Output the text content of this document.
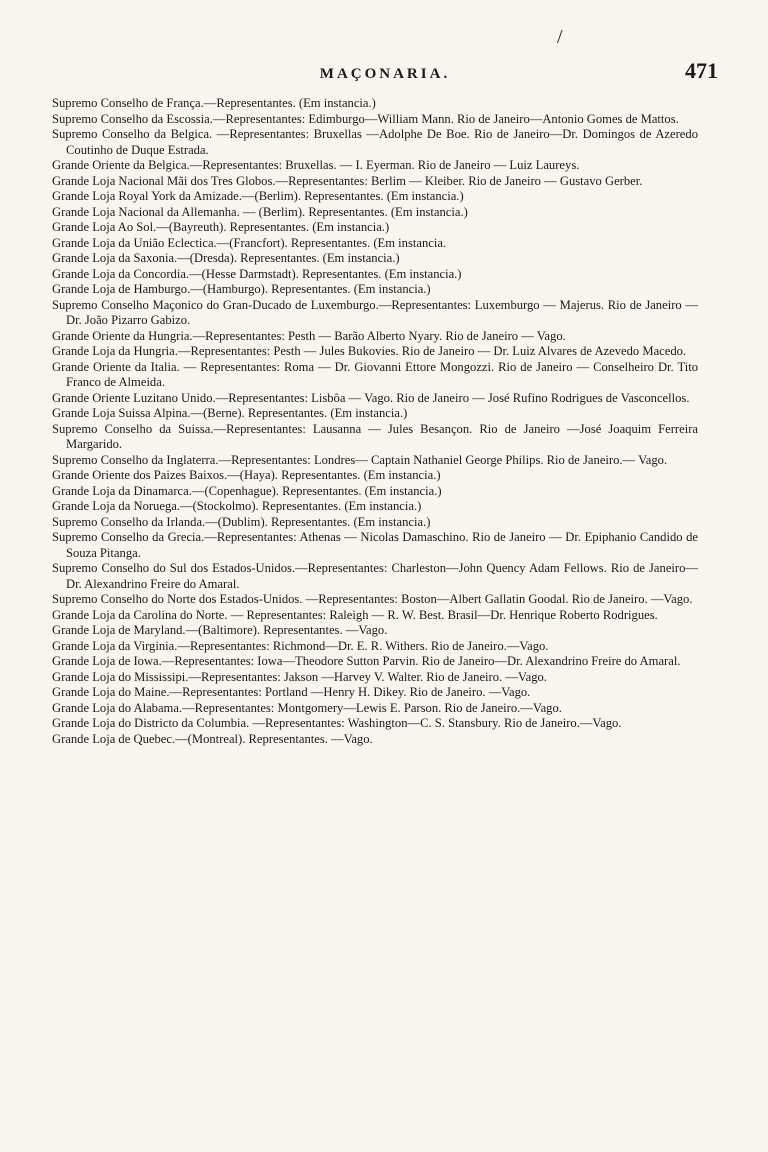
/
MAÇONARIA.	471

Supremo Conselho de França.—Representantes. (Em instancia.)

Supremo Conselho da Escossia.—Representantes: Edimburgo—William Mann. Rio de Janeiro—Antonio Gomes de Mattos.

Supremo Conselho da Belgica. —Representantes: Bruxellas —Adolphe De Boe. Rio de Janeiro—Dr. Domingos de Azeredo Coutinho de Duque Estrada.

Grande Oriente da Belgica.—Representantes: Bruxellas. — I. Eyerman. Rio de Janeiro — Luiz Laureys.

Grande Loja Nacional Mãi dos Tres Globos.—Representantes: Berlim — Kleiber. Rio de Janeiro — Gustavo Gerber.

Grande Loja Royal York da Amizade.—(Berlim). Representantes. (Em instancia.)

Grande Loja Nacional da Allemanha. — (Berlim). Representantes. (Em instancia.)

Grande Loja Ao Sol.—(Bayreuth). Representantes. (Em instancia.)

Grande Loja da União Eclectica.—(Francfort). Representantes. (Em instancia.

Grande Loja da Saxonia.—(Dresda). Representantes. (Em instancia.)

Grande Loja da Concordia.—(Hesse Darmstadt). Representantes. (Em instancia.)

Grande Loja de Hamburgo.—(Hamburgo). Representantes. (Em instancia.)

Supremo Conselho Maçonico do Gran-Ducado de Luxemburgo.—Representantes: Luxemburgo — Majerus. Rio de Janeiro — Dr. João Pizarro Gabizo.

Grande Oriente da Hungria.—Representantes: Pesth — Barão Alberto Nyary. Rio de Janeiro — Vago.

Grande Loja da Hungria.—Representantes: Pesth — Jules Bukovies. Rio de Janeiro — Dr. Luiz Alvares de Azevedo Macedo.

Grande Oriente da Italia. — Representantes: Roma — Dr. Giovanni Ettore Mongozzi. Rio de Janeiro — Conselheiro Dr. Tito Franco de Almeida.

Grande Oriente Luzitano Unido.—Representantes: Lisbôa — Vago. Rio de Janeiro — José Rufino Rodrigues de Vasconcellos.

Grande Loja Suissa Alpina.—(Berne). Representantes. (Em instancia.)

Supremo Conselho da Suissa.—Representantes: Lausanna — Jules Besançon. Rio de Janeiro —José Joaquim Ferreira Margarido.

Supremo Conselho da Inglaterra.—Representantes: Londres— Captain Nathaniel George Philips. Rio de Janeiro.— Vago.

Grande Oriente dos Paizes Baixos.—(Haya). Representantes. (Em instancia.)

Grande Loja da Dinamarca.—(Copenhague). Representantes. (Em instancia.)

Grande Loja da Noruega.—(Stockolmo). Representantes. (Em instancia.)

Supremo Conselho da Irlanda.—(Dublim). Representantes. (Em instancia.)

Supremo Conselho da Grecia.—Representantes: Athenas — Nicolas Damaschino. Rio de Janeiro — Dr. Epiphanio Candido de Souza Pitanga.

Supremo Conselho do Sul dos Estados-Unidos.—Representantes: Charleston—John Quency Adam Fellows. Rio de Janeiro—Dr. Alexandrino Freire do Amaral.

Supremo Conselho do Norte dos Estados-Unidos. —Representantes: Boston—Albert Gallatin Goodal. Rio de Janeiro. —Vago.

Grande Loja da Carolina do Norte. — Representantes: Raleigh — R. W. Best. Brasil—Dr. Henrique Roberto Rodrigues.

Grande Loja de Maryland.—(Baltimore). Representantes. —Vago.

Grande Loja da Virginia.—Representantes: Richmond—Dr. E. R. Withers. Rio de Janeiro.—Vago.

Grande Loja de Iowa.—Representantes: Iowa—Theodore Sutton Parvin. Rio de Janeiro—Dr. Alexandrino Freire do Amaral.

Grande Loja do Mississipi.—Representantes: Jakson —Harvey V. Walter. Rio de Janeiro. —Vago.

Grande Loja do Maine.—Representantes: Portland —Henry H. Dikey. Rio de Janeiro. —Vago.

Grande Loja do Alabama.—Representantes: Montgomery—Lewis E. Parson. Rio de Janeiro.—Vago.

Grande Loja do Districto da Columbia. —Representantes: Washington—C. S. Stansbury. Rio de Janeiro.—Vago.

Grande Loja de Quebec.—(Montreal). Representantes. —Vago.
